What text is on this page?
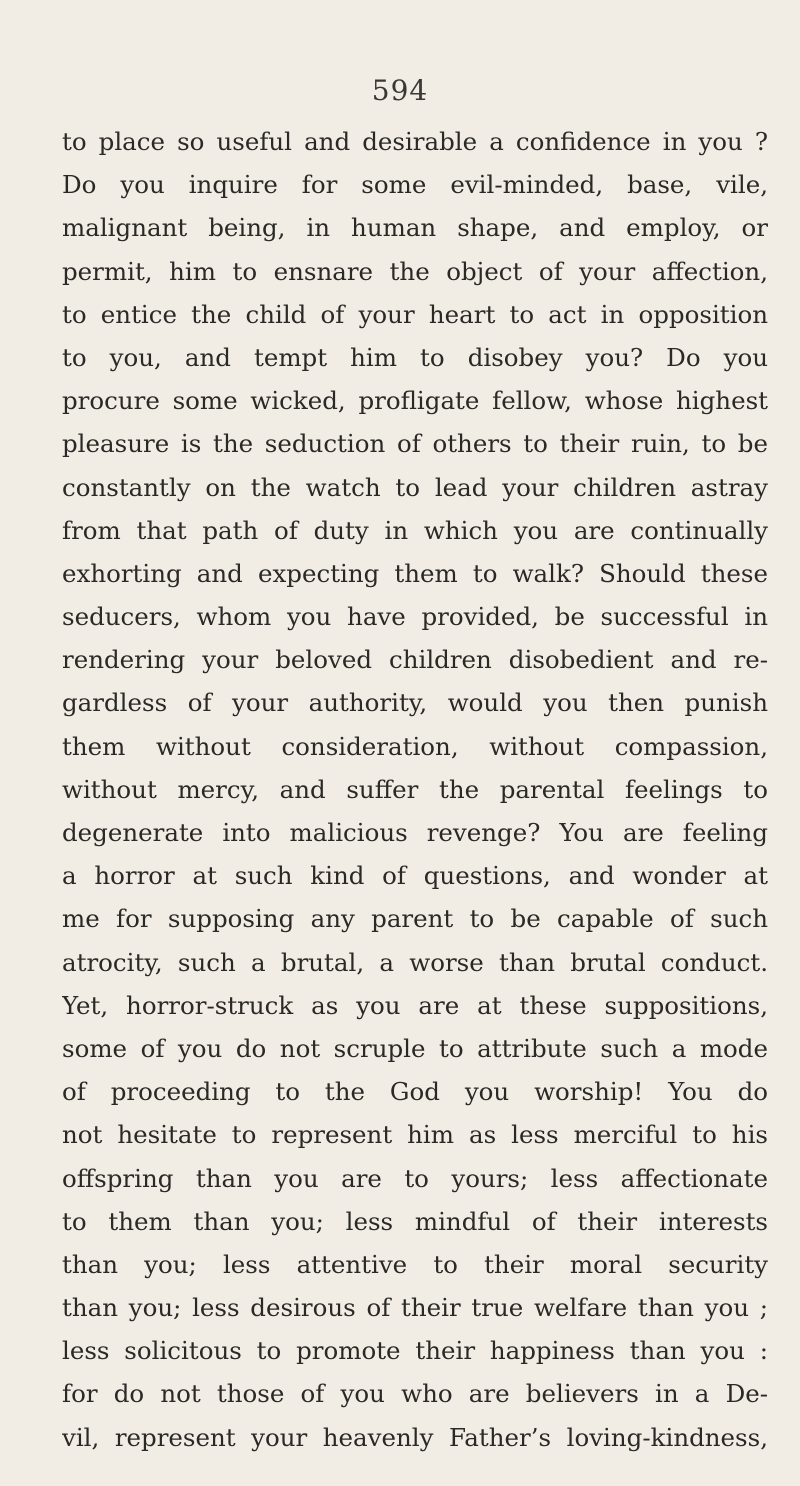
594
to place so useful and desirable a confidence in you ?
Do you inquire for some evil-minded, base, vile,
malignant being, in human shape, and employ, or
permit, him to ensnare the object of your affection,
to entice the child of your heart to act in opposition
to you, and tempt him to disobey you? Do you
procure some wicked, profligate fellow, whose highest
pleasure is the seduction of others to their ruin, to be
constantly on the watch to lead your children astray
from that path of duty in which you are continually
exhorting and expecting them to walk? Should these
seducers, whom you have provided, be successful in
rendering your beloved children disobedient and re-
gardless of your authority, would you then punish
them without consideration, without compassion,
without mercy, and suffer the parental feelings to
degenerate into malicious revenge? You are feeling
a horror at such kind of questions, and wonder at
me for supposing any parent to be capable of such
atrocity, such a brutal, a worse than brutal conduct.
Yet, horror-struck as you are at these suppositions,
some of you do not scruple to attribute such a mode
of proceeding to the God you worship! You do
not hesitate to represent him as less merciful to his
offspring than you are to yours; less affectionate
to them than you; less mindful of their interests
than you; less attentive to their moral security
than you; less desirous of their true welfare than you ;
less solicitous to promote their happiness than you :
for do not those of you who are believers in a De-
vil, represent your heavenly Father’s loving-kindness,
